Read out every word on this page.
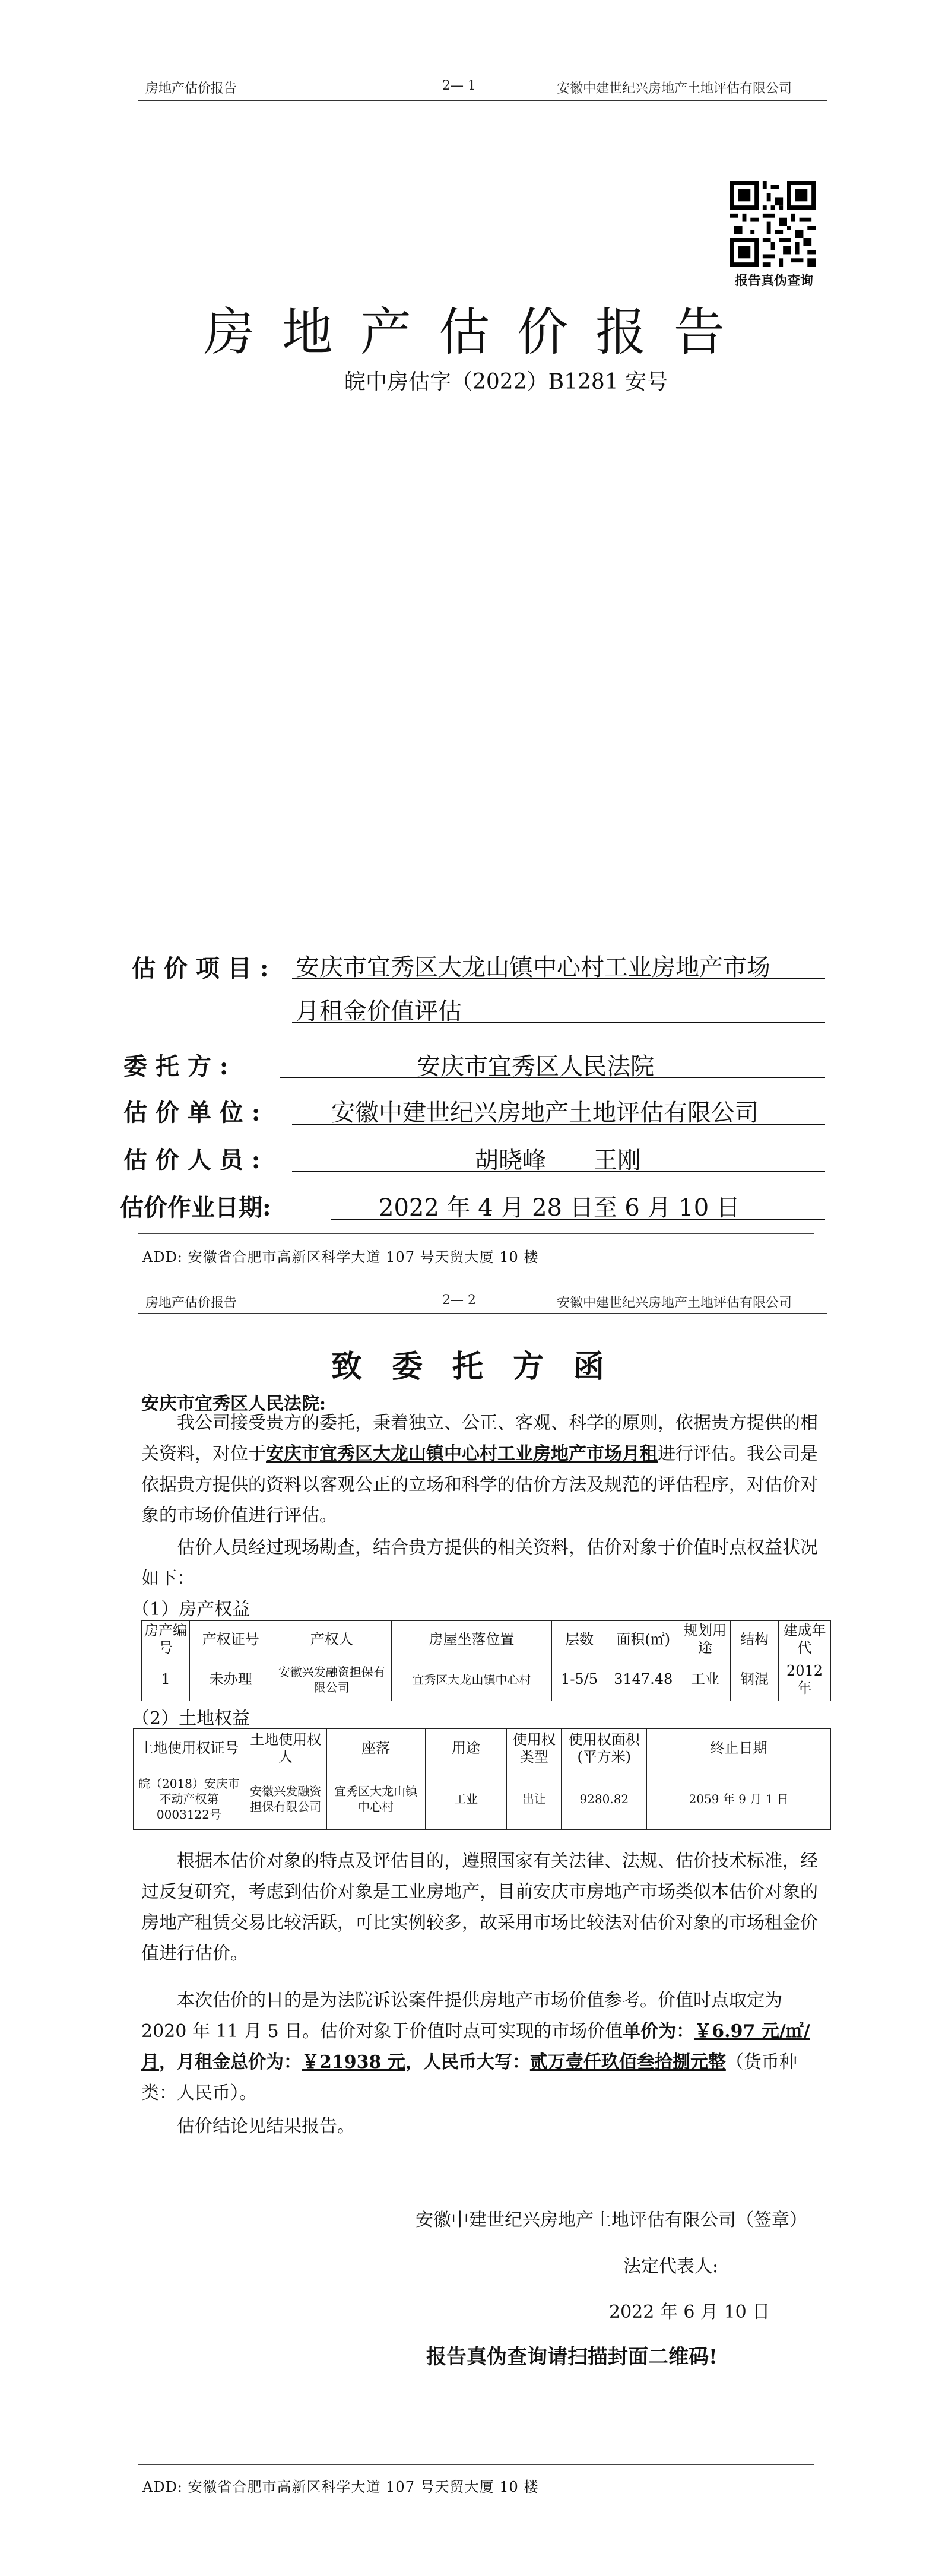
房地产估价报告	2— 1	安徽中建世纪兴房地产土地评估有限公司
报告真伪查询
房地产估价报告
皖中房估字（2022）B1281 安号
估 价 项 目 : 安庆市宜秀区大龙山镇中心村工业房地产市场
月租金价值评估
委 托 方 :	安庆市宜秀区人民法院
估 价 单 位 :	安徽中建世纪兴房地产土地评估有限公司
估 价 人 员 :	胡晓峰　　王刚
估价作业日期:	2022 年 4 月 28 日至 6 月 10 日
ADD: 安徽省合肥市高新区科学大道 107 号天贸大厦 10 楼
房地产估价报告	2— 2	安徽中建世纪兴房地产土地评估有限公司
致委托方函
安庆市宜秀区人民法院:

我公司接受贵方的委托，秉着独立、公正、客观、科学的原则，依据贵方提供的相关资料，对位于安庆市宜秀区大龙山镇中心村工业房地产市场月租进行评估。我公司是依据贵方提供的资料以客观公正的立场和科学的估价方法及规范的评估程序，对估价对象的市场价值进行评估。

估价人员经过现场勘查，结合贵方提供的相关资料，估价对象于价值时点权益状况如下：

（1）房产权益
房产编号	产权证号	产权人	房屋坐落位置	层数	面积(㎡)	规划用途	结构	建成年代
1	未办理	安徽兴发融资担保有限公司	宜秀区大龙山镇中心村	1-5/5	3147.48	工业	钢混	2012年
（2）土地权益
土地使用权证号	土地使用权人	座落	用途	使用权类型	使用权面积(平方米)	终止日期
皖（2018）安庆市不动产权第0003122号	安徽兴发融资担保有限公司	宜秀区大龙山镇中心村	工业	出让	9280.82	2059 年 9 月 1 日

根据本估价对象的特点及评估目的，遵照国家有关法律、法规、估价技术标准，经过反复研究，考虑到估价对象是工业房地产，目前安庆市房地产市场类似本估价对象的房地产租赁交易比较活跃，可比实例较多，故采用市场比较法对估价对象的市场租金价值进行估价。

本次估价的目的是为法院诉讼案件提供房地产市场价值参考。价值时点取定为 2020 年 11 月 5 日。估价对象于价值时点可实现的市场价值单价为：￥6.97 元/㎡/月，月租金总价为：￥21938 元，人民币大写：贰万壹仟玖佰叁拾捌元整（货币种类：人民币）。

估价结论见结果报告。

安徽中建世纪兴房地产土地评估有限公司（签章）
法定代表人:
2022 年 6 月 10 日
报告真伪查询请扫描封面二维码!
ADD: 安徽省合肥市高新区科学大道 107 号天贸大厦 10 楼
